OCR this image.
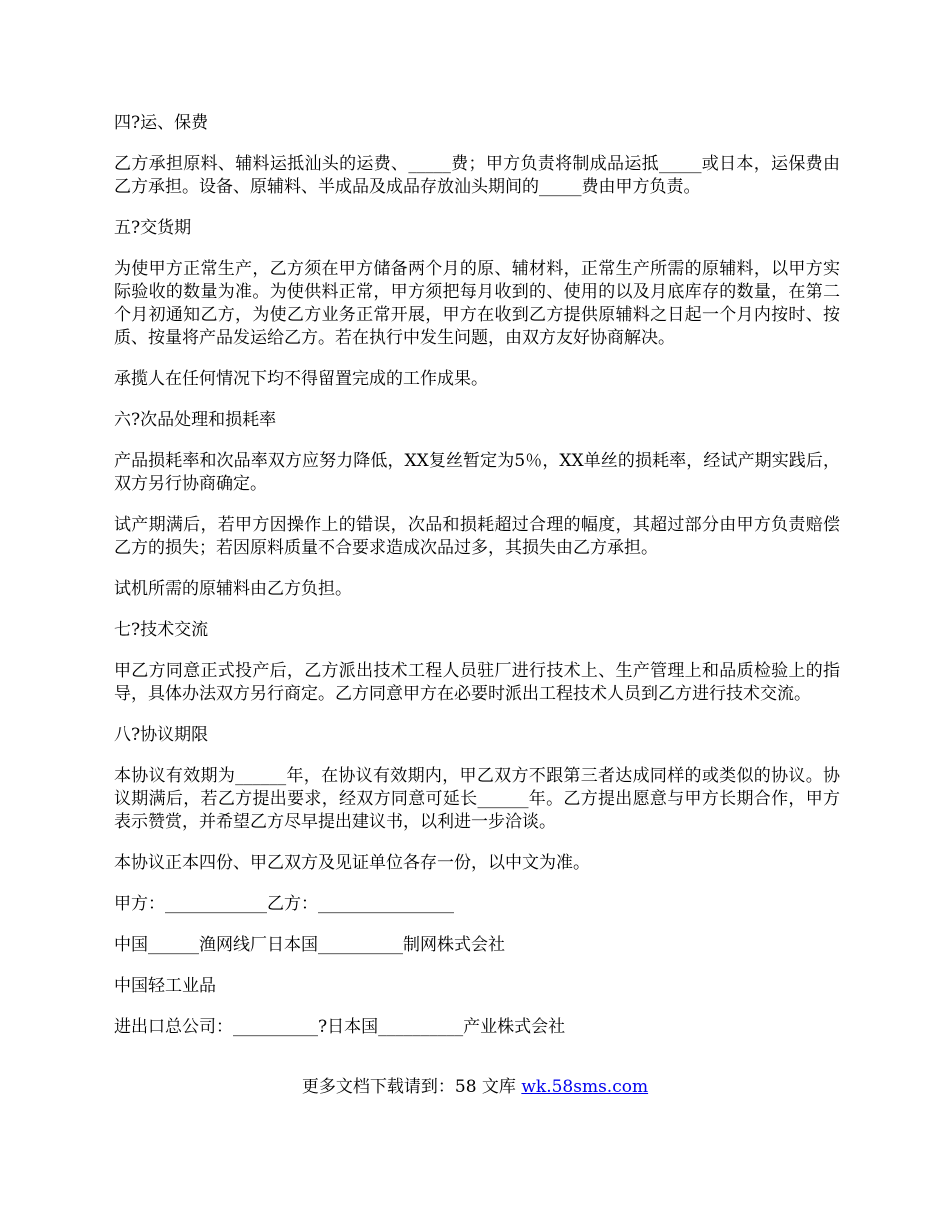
四?运、保费
乙方承担原料、辅料运抵汕头的运费、_____费；甲方负责将制成品运抵_____或日本，运保费由乙方承担。设备、原辅料、半成品及成品存放汕头期间的_____费由甲方负责。
五?交货期
为使甲方正常生产，乙方须在甲方储备两个月的原、辅材料，正常生产所需的原辅料，以甲方实际验收的数量为准。为使供料正常，甲方须把每月收到的、使用的以及月底库存的数量，在第二个月初通知乙方，为使乙方业务正常开展，甲方在收到乙方提供原辅料之日起一个月内按时、按质、按量将产品发运给乙方。若在执行中发生问题，由双方友好协商解决。
承揽人在任何情况下均不得留置完成的工作成果。
六?次品处理和损耗率
产品损耗率和次品率双方应努力降低，XX复丝暂定为5％，XX单丝的损耗率，经试产期实践后，双方另行协商确定。
试产期满后，若甲方因操作上的错误，次品和损耗超过合理的幅度，其超过部分由甲方负责赔偿乙方的损失；若因原料质量不合要求造成次品过多，其损失由乙方承担。
试机所需的原辅料由乙方负担。
七?技术交流
甲乙方同意正式投产后，乙方派出技术工程人员驻厂进行技术上、生产管理上和品质检验上的指导，具体办法双方另行商定。乙方同意甲方在必要时派出工程技术人员到乙方进行技术交流。
八?协议期限
本协议有效期为______年，在协议有效期内，甲乙双方不跟第三者达成同样的或类似的协议。协议期满后，若乙方提出要求，经双方同意可延长______年。乙方提出愿意与甲方长期合作，甲方表示赞赏，并希望乙方尽早提出建议书，以利进一步洽谈。
本协议正本四份、甲乙双方及见证单位各存一份，以中文为准。
甲方：____________乙方：________________
中国______渔网线厂日本国__________制网株式会社
中国轻工业品
进出口总公司：__________?日本国__________产业株式会社
更多文档下载请到：58 文库 wk.58sms.com
